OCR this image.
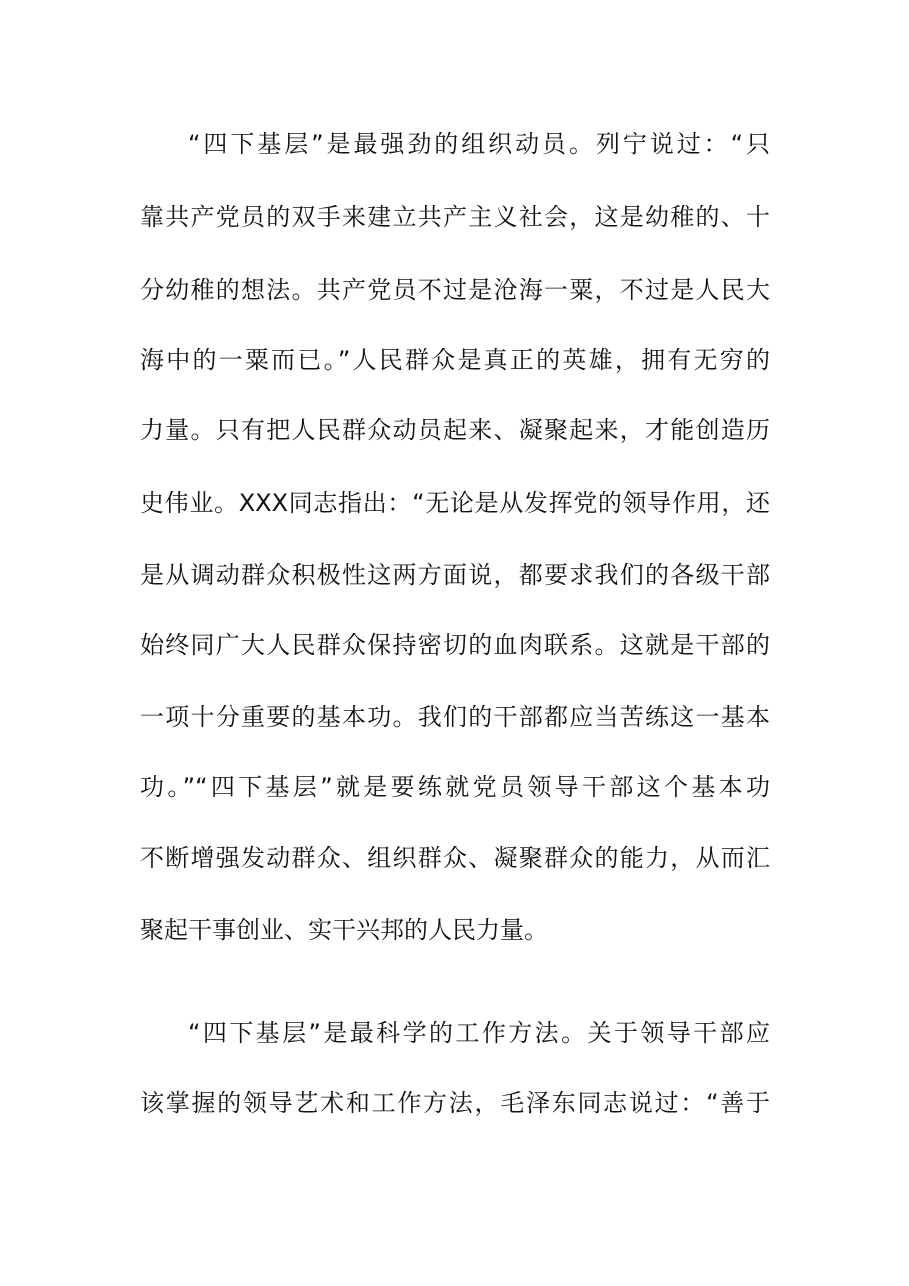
“四下基层”是最强劲的组织动员。列宁说过：“只
靠共产党员的双手来建立共产主义社会，这是幼稚的、十
分幼稚的想法。共产党员不过是沧海一粟，不过是人民大
海中的一粟而已。”人民群众是真正的英雄，拥有无穷的
力量。只有把人民群众动员起来、凝聚起来，才能创造历
史伟业。XXX同志指出：“无论是从发挥党的领导作用，还
是从调动群众积极性这两方面说，都要求我们的各级干部
始终同广大人民群众保持密切的血肉联系。这就是干部的
一项十分重要的基本功。我们的干部都应当苦练这一基本
功。”“四下基层”就是要练就党员领导干部这个基本功
不断增强发动群众、组织群众、凝聚群众的能力，从而汇
聚起干事创业、实干兴邦的人民力量。
“四下基层”是最科学的工作方法。关于领导干部应
该掌握的领导艺术和工作方法，毛泽东同志说过：“善于
